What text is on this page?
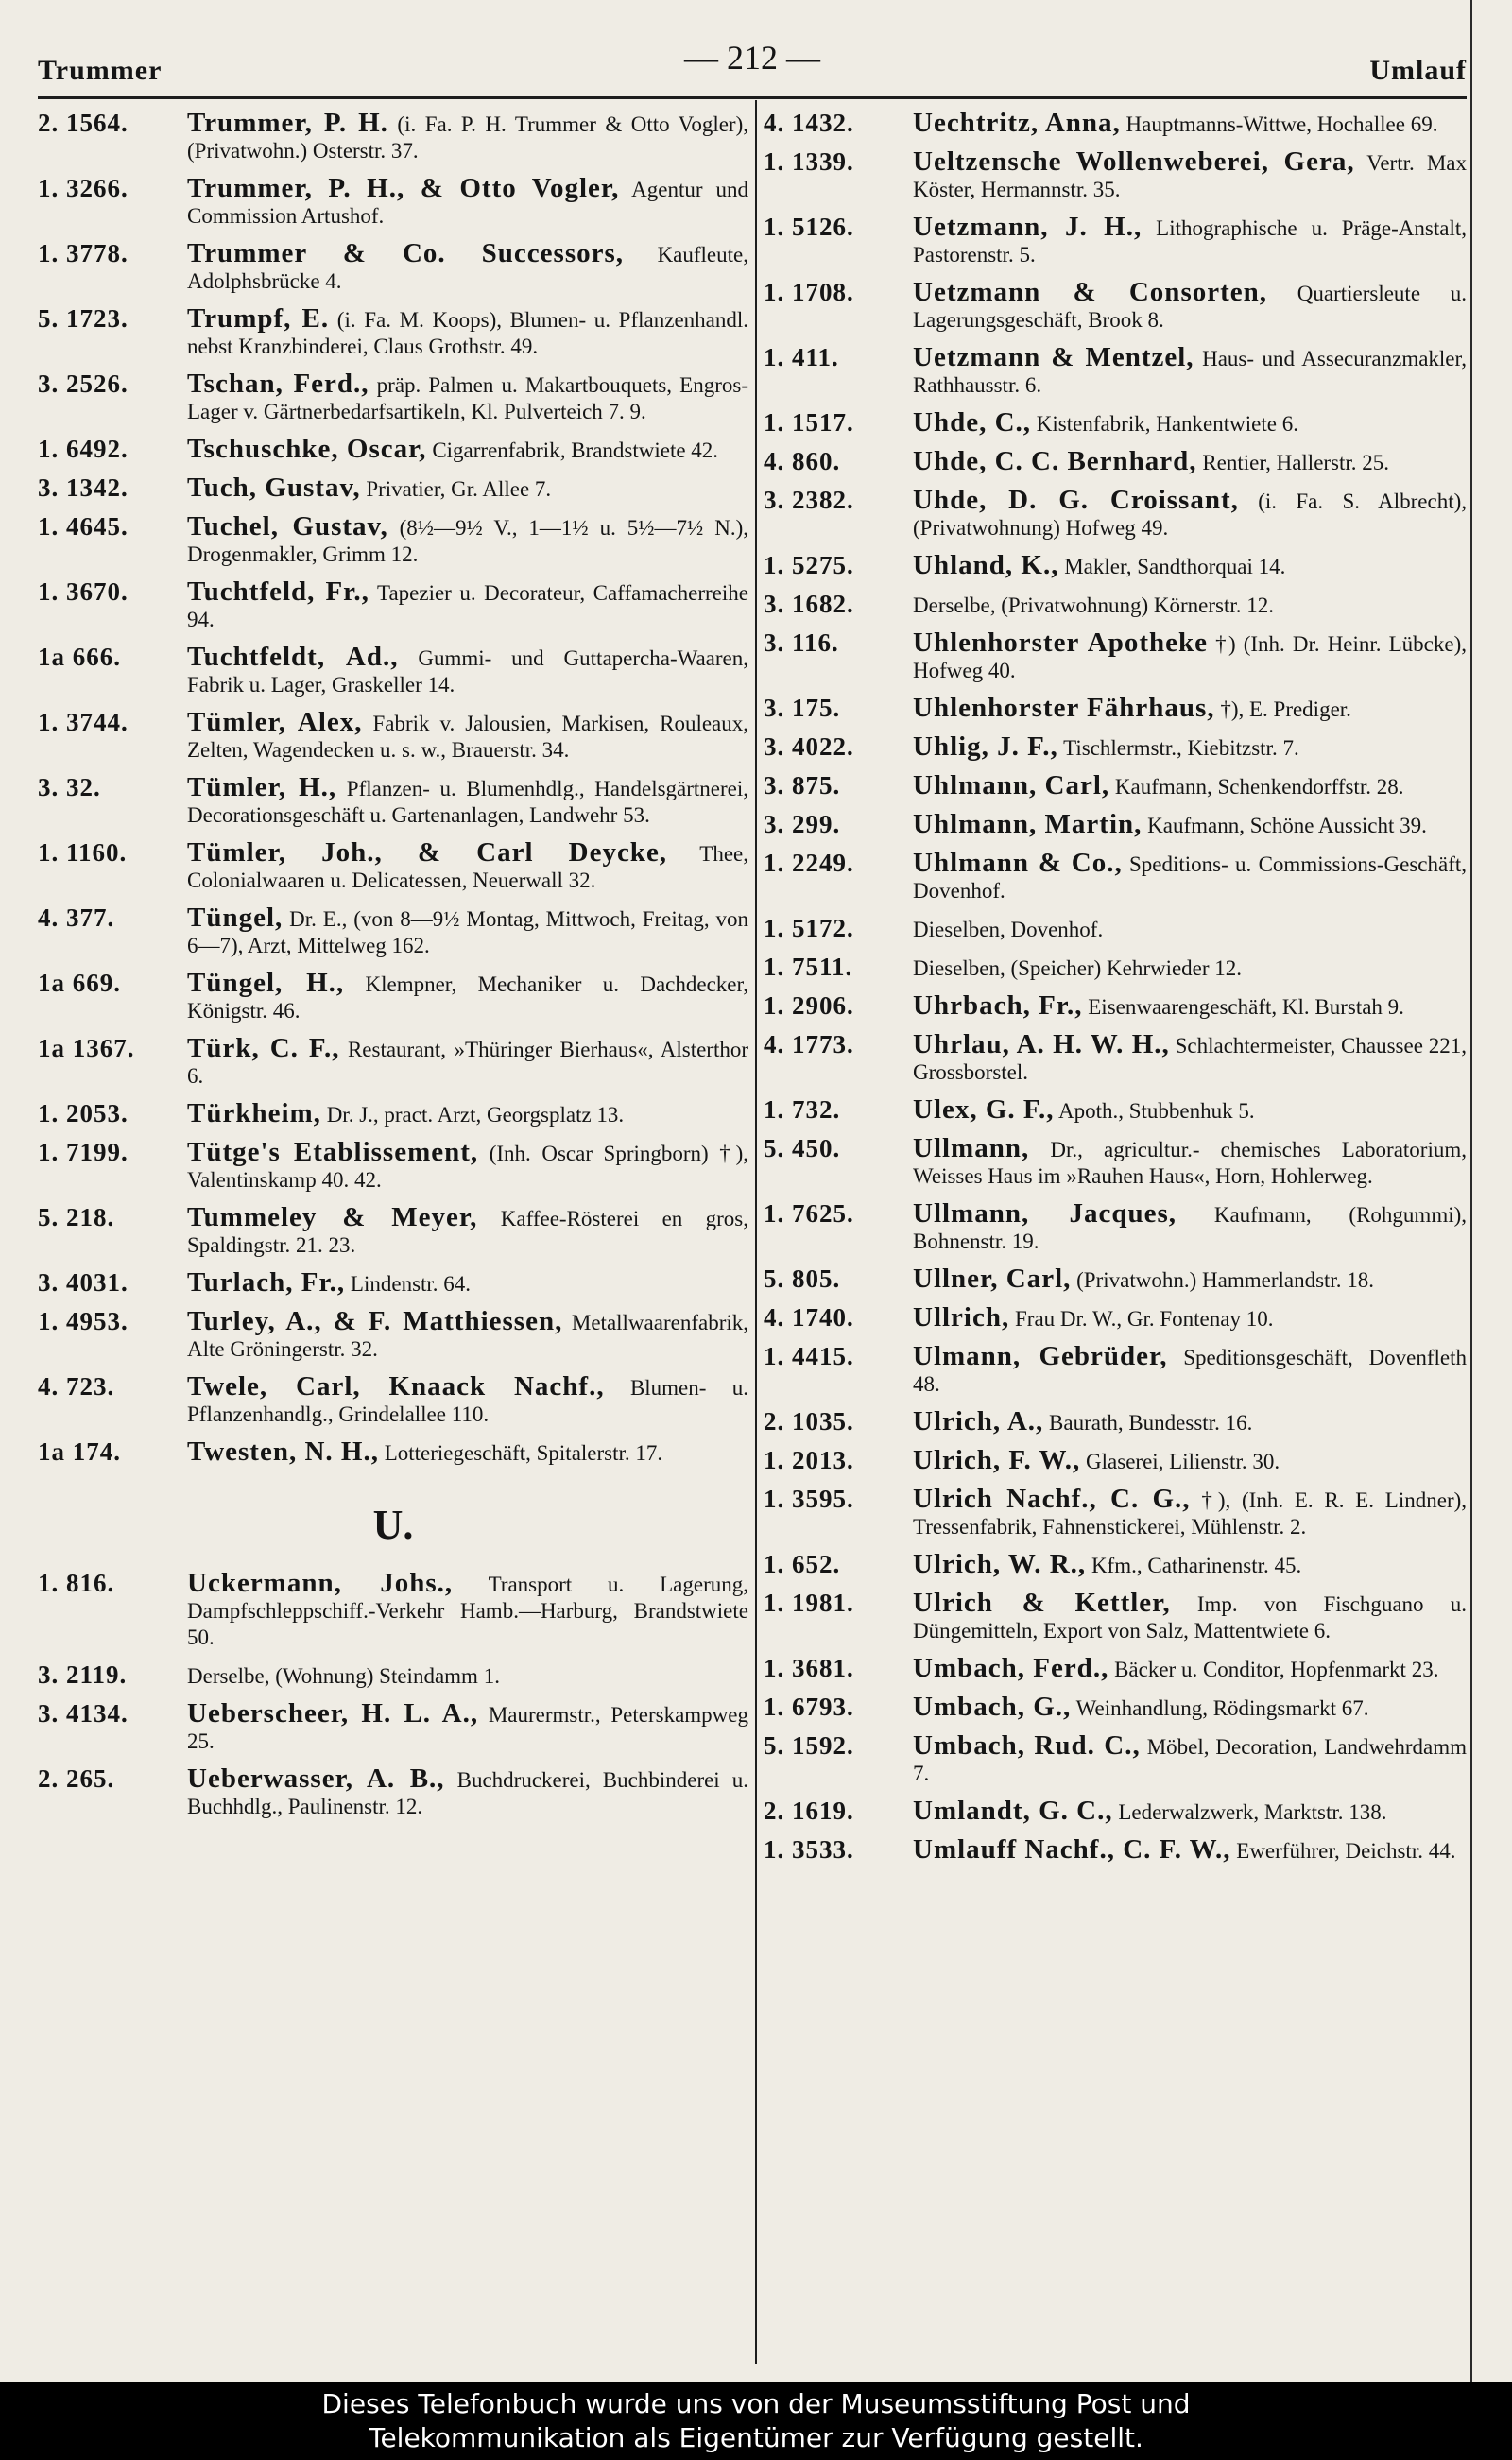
Trummer	— 212 —	Umlauf
2. 1564.	Trummer, P. H. (i. Fa. P. H. Trummer & Otto Vogler), (Privatwohn.) Osterstr. 37.
1. 3266.	Trummer, P. H., & Otto Vogler, Agentur und Commission Artushof.
1. 3778.	Trummer & Co. Successors, Kaufleute, Adolphsbrücke 4.
5. 1723.	Trumpf, E. (i. Fa. M. Koops), Blumen- u. Pflanzenhandl. nebst Kranzbinderei, Claus Grothstr. 49.
3. 2526.	Tschan, Ferd., präp. Palmen u. Makartbouquets, Engros-Lager v. Gärtnerbedarfsartikeln, Kl. Pulverteich 7. 9.
1. 6492.	Tschuschke, Oscar, Cigarrenfabrik, Brandstwiete 42.
3. 1342.	Tuch, Gustav, Privatier, Gr. Allee 7.
1. 4645.	Tuchel, Gustav, (8½—9½ V., 1—1½ u. 5½—7½ N.), Drogenmakler, Grimm 12.
1. 3670.	Tuchtfeld, Fr., Tapezier u. Decorateur, Caffamacherreihe 94.
1a 666.	Tuchtfeldt, Ad., Gummi- und Guttapercha-Waaren, Fabrik u. Lager, Graskeller 14.
1. 3744.	Tümler, Alex, Fabrik v. Jalousien, Markisen, Rouleaux, Zelten, Wagendecken u. s. w., Brauerstr. 34.
3. 32.	Tümler, H., Pflanzen- u. Blumenhdlg., Handelsgärtnerei, Decorationsgeschäft u. Gartenanlagen, Landwehr 53.
1. 1160.	Tümler, Joh., & Carl Deycke, Thee, Colonialwaaren u. Delicatessen, Neuerwall 32.
4. 377.	Tüngel, Dr. E., (von 8—9½ Montag, Mittwoch, Freitag, von 6—7), Arzt, Mittelweg 162.
1a 669.	Tüngel, H., Klempner, Mechaniker u. Dachdecker, Königstr. 46.
1a 1367.	Türk, C. F., Restaurant, »Thüringer Bierhaus«, Alsterthor 6.
1. 2053.	Türkheim, Dr. J., pract. Arzt, Georgsplatz 13.
1. 7199.	Tütge's Etablissement, (Inh. Oscar Springborn) †), Valentinskamp 40. 42.
5. 218.	Tummeley & Meyer, Kaffee-Rösterei en gros, Spaldingstr. 21. 23.
3. 4031.	Turlach, Fr., Lindenstr. 64.
1. 4953.	Turley, A., & F. Matthiessen, Metallwaarenfabrik, Alte Gröningerstr. 32.
4. 723.	Twele, Carl, Knaack Nachf., Blumen- u. Pflanzenhandlg., Grindelallee 110.
1a 174.	Twesten, N. H., Lotteriegeschäft, Spitalerstr. 17.
U.
1. 816.	Uckermann, Johs., Transport u. Lagerung, Dampfschleppschiff.-Verkehr Hamb.—Harburg, Brandstwiete 50.
3. 2119.	Derselbe, (Wohnung) Steindamm 1.
3. 4134.	Ueberscheer, H. L. A., Maurermstr., Peterskampweg 25.
2. 265.	Ueberwasser, A. B., Buchdruckerei, Buchbinderei u. Buchhdlg., Paulinenstr. 12.
4. 1432.	Uechtritz, Anna, Hauptmanns-Wittwe, Hochallee 69.
1. 1339.	Ueltzensche Wollenweberei, Gera, Vertr. Max Köster, Hermannstr. 35.
1. 5126.	Uetzmann, J. H., Lithographische u. Präge-Anstalt, Pastorenstr. 5.
1. 1708.	Uetzmann & Consorten, Quartiersleute u. Lagerungsgeschäft, Brook 8.
1. 411.	Uetzmann & Mentzel, Haus- und Assecuranzmakler, Rathhausstr. 6.
1. 1517.	Uhde, C., Kistenfabrik, Hankentwiete 6.
4. 860.	Uhde, C. C. Bernhard, Rentier, Hallerstr. 25.
3. 2382.	Uhde, D. G. Croissant, (i. Fa. S. Albrecht), (Privatwohnung) Hofweg 49.
1. 5275.	Uhland, K., Makler, Sandthorquai 14.
3. 1682.	Derselbe, (Privatwohnung) Körnerstr. 12.
3. 116.	Uhlenhorster Apotheke †) (Inh. Dr. Heinr. Lübcke), Hofweg 40.
3. 175.	Uhlenhorster Fährhaus, †), E. Prediger.
3. 4022.	Uhlig, J. F., Tischlermstr., Kiebitzstr. 7.
3. 875.	Uhlmann, Carl, Kaufmann, Schenkendorffstr. 28.
3. 299.	Uhlmann, Martin, Kaufmann, Schöne Aussicht 39.
1. 2249.	Uhlmann & Co., Speditions- u. Commissions-Geschäft, Dovenhof.
1. 5172.	Dieselben, Dovenhof.
1. 7511.	Dieselben, (Speicher) Kehrwieder 12.
1. 2906.	Uhrbach, Fr., Eisenwaarengeschäft, Kl. Burstah 9.
4. 1773.	Uhrlau, A. H. W. H., Schlachtermeister, Chaussee 221, Grossborstel.
1. 732.	Ulex, G. F., Apoth., Stubbenhuk 5.
5. 450.	Ullmann, Dr., agricultur.- chemisches Laboratorium, Weisses Haus im »Rauhen Haus«, Horn, Hohlerweg.
1. 7625.	Ullmann, Jacques, Kaufmann, (Rohgummi), Bohnenstr. 19.
5. 805.	Ullner, Carl, (Privatwohn.) Hammerlandstr. 18.
4. 1740.	Ullrich, Frau Dr. W., Gr. Fontenay 10.
1. 4415.	Ulmann, Gebrüder, Speditionsgeschäft, Dovenfleth 48.
2. 1035.	Ulrich, A., Baurath, Bundesstr. 16.
1. 2013.	Ulrich, F. W., Glaserei, Lilienstr. 30.
1. 3595.	Ulrich Nachf., C. G., †), (Inh. E. R. E. Lindner), Tressenfabrik, Fahnenstickerei, Mühlenstr. 2.
1. 652.	Ulrich, W. R., Kfm., Catharinenstr. 45.
1. 1981.	Ulrich & Kettler, Imp. von Fischguano u. Düngemitteln, Export von Salz, Mattentwiete 6.
1. 3681.	Umbach, Ferd., Bäcker u. Conditor, Hopfenmarkt 23.
1. 6793.	Umbach, G., Weinhandlung, Rödingsmarkt 67.
5. 1592.	Umbach, Rud. C., Möbel, Decoration, Landwehrdamm 7.
2. 1619.	Umlandt, G. C., Lederwalzwerk, Marktstr. 138.
1. 3533.	Umlauff Nachf., C. F. W., Ewerführer, Deichstr. 44.
Dieses Telefonbuch wurde uns von der Museumsstiftung Post und
Telekommunikation als Eigentümer zur Verfügung gestellt.
